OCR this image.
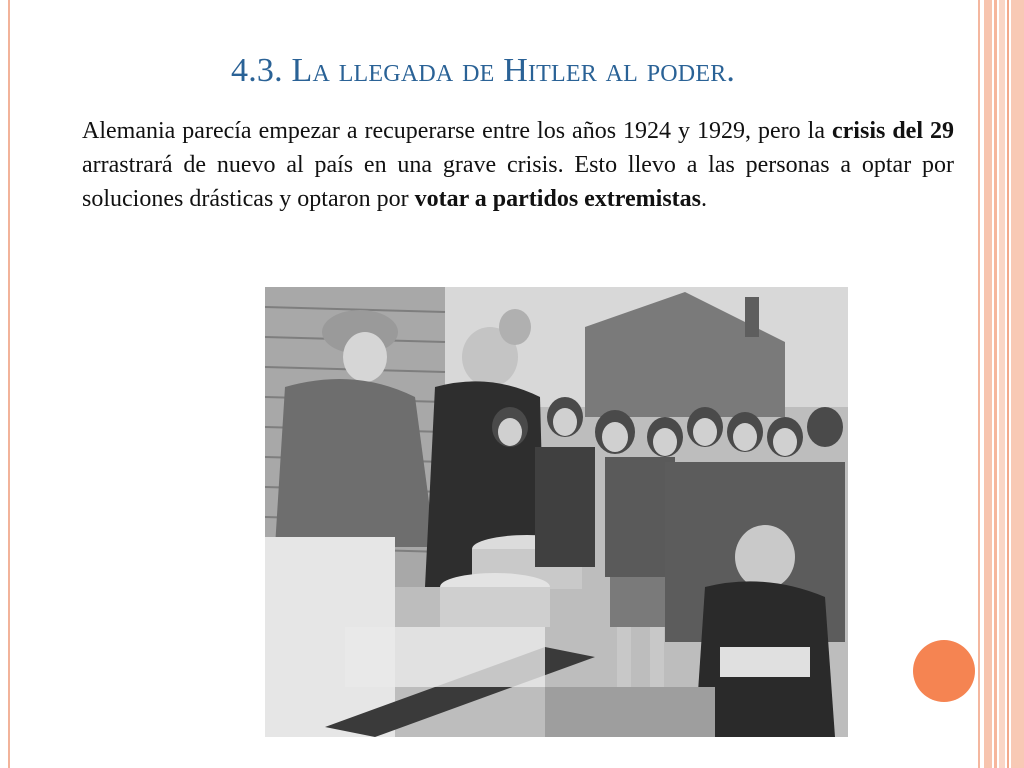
4.3. La llegada de Hitler al poder.
Alemania parecía empezar a recuperarse entre los años 1924 y 1929, pero la crisis del 29 arrastrará de nuevo al país en una grave crisis. Esto llevo a las personas a optar por soluciones drásticas y optaron por votar a partidos extremistas.
